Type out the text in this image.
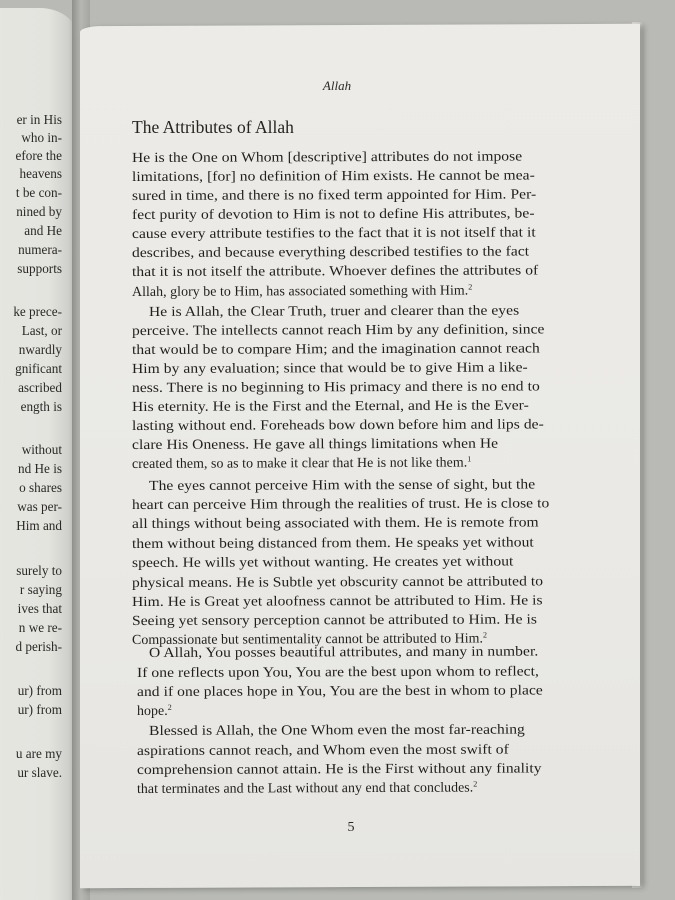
er in His
who in-
efore the
heavens
t be con-
nined by
and He
numera-
supports
ke prece-
Last, or
nwardly
gnificant
ascribed
ength is
without
nd He is
o shares
was per-
Him and
surely to
r saying
ives that
n we re-
d perish-
ur) from
ur) from
u are my
ur slave.
Allah
The Attributes of Allah
He is the One on Whom [descriptive] attributes do not impose
limitations, [for] no definition of Him exists. He cannot be mea-
sured in time, and there is no fixed term appointed for Him. Per-
fect purity of devotion to Him is not to define His attributes, be-
cause every attribute testifies to the fact that it is not itself that it
describes, and because everything described testifies to the fact
that it is not itself the attribute. Whoever defines the attributes of
Allah, glory be to Him, has associated something with Him.$^2$
He is Allah, the Clear Truth, truer and clearer than the eyes
perceive. The intellects cannot reach Him by any definition, since
that would be to compare Him; and the imagination cannot reach
Him by any evaluation; since that would be to give Him a like-
ness. There is no beginning to His primacy and there is no end to
His eternity. He is the First and the Eternal, and He is the Ever-
lasting without end. Foreheads bow down before him and lips de-
clare His Oneness. He gave all things limitations when He
created them, so as to make it clear that He is not like them.$^1$
The eyes cannot perceive Him with the sense of sight, but the
heart can perceive Him through the realities of trust. He is close to
all things without being associated with them. He is remote from
them without being distanced from them. He speaks yet without
speech. He wills yet without wanting. He creates yet without
physical means. He is Subtle yet obscurity cannot be attributed to
Him. He is Great yet aloofness cannot be attributed to Him. He is
Seeing yet sensory perception cannot be attributed to Him. He is
Compassionate but sentimentality cannot be attributed to Him.$^2$
O Allah, You posses beautiful attributes, and many in number.
If one reflects upon You, You are the best upon whom to reflect,
and if one places hope in You, You are the best in whom to place
hope.$^2$
Blessed is Allah, the One Whom even the most far-reaching
aspirations cannot reach, and Whom even the most swift of
comprehension cannot attain. He is the First without any finality
that terminates and the Last without any end that concludes.$^2$
5
